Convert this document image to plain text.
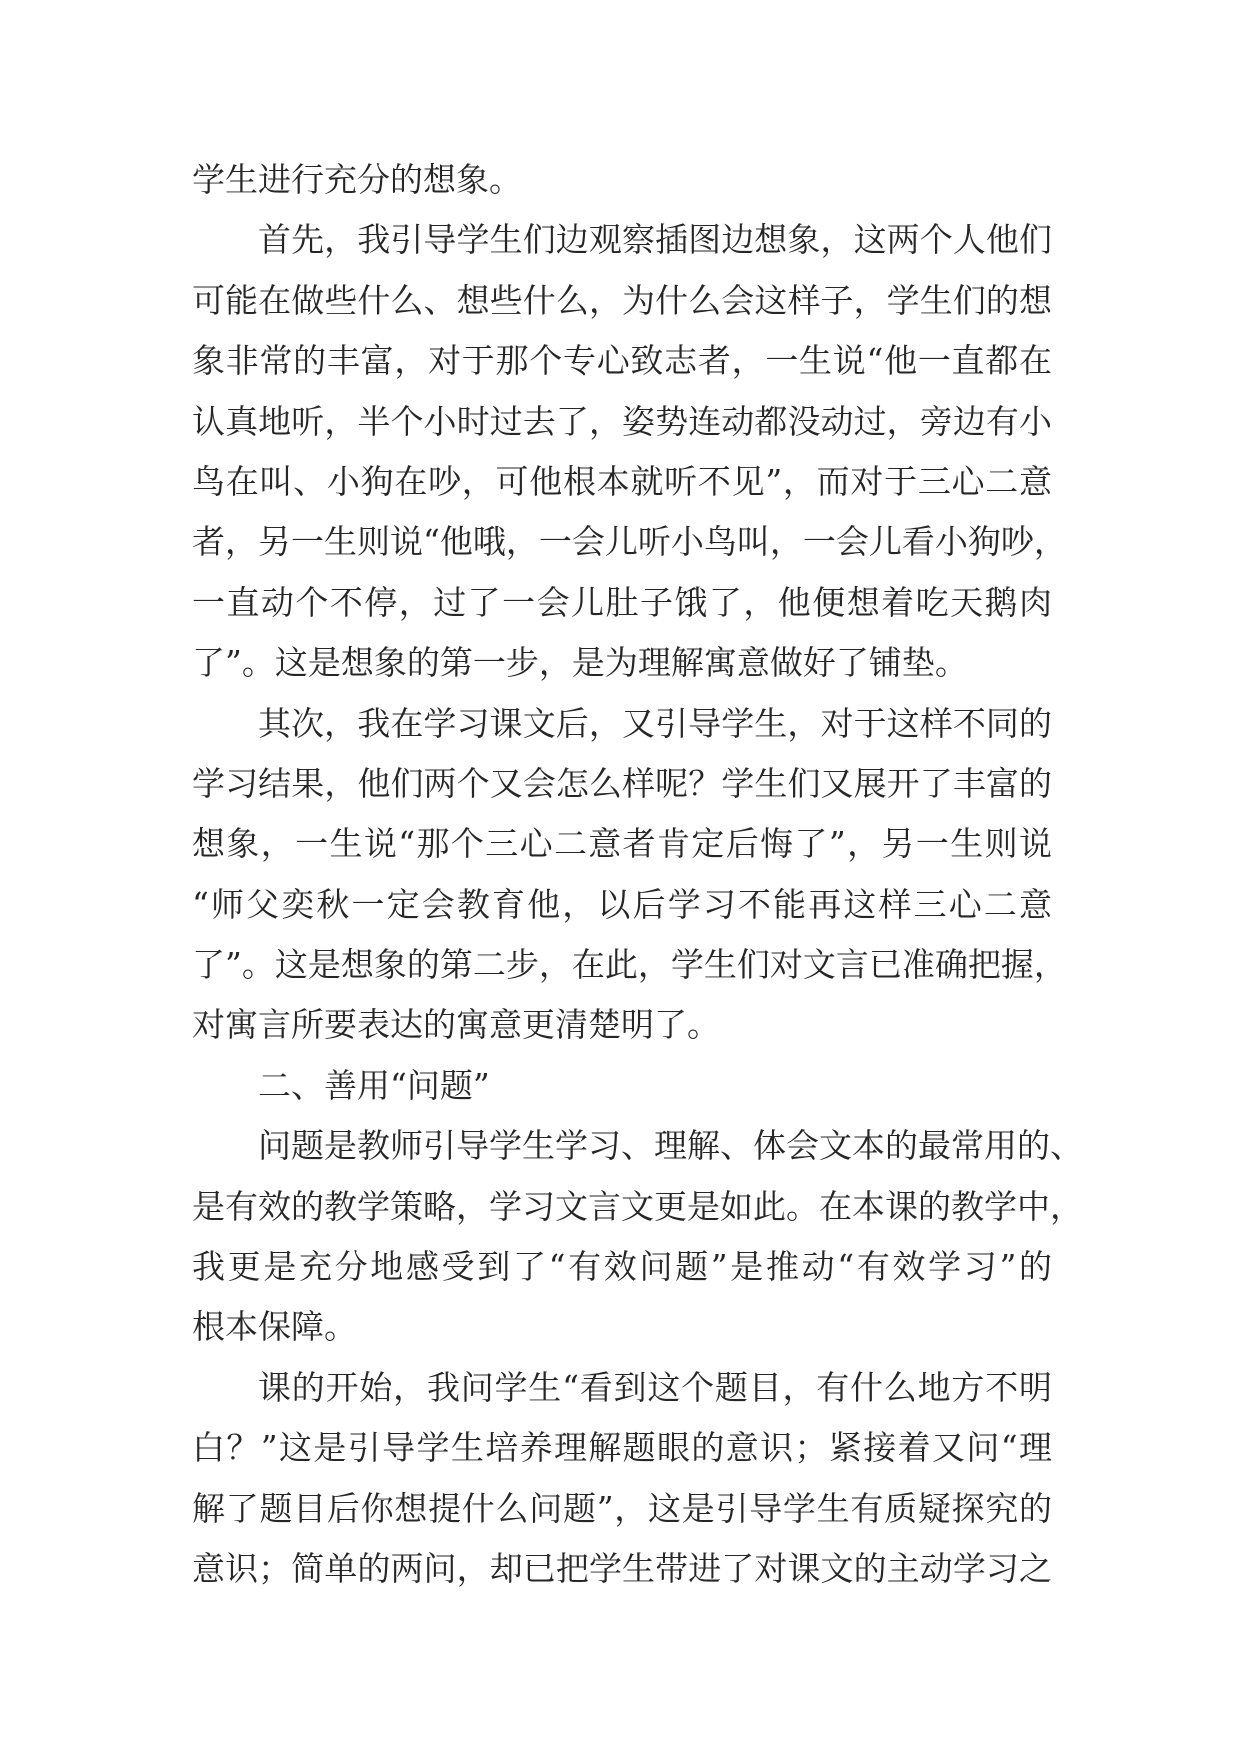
学生进行充分的想象。
首先，我引导学生们边观察插图边想象，这两个人他们
可能在做些什么、想些什么，为什么会这样子，学生们的想
象非常的丰富，对于那个专心致志者，一生说“他一直都在
认真地听，半个小时过去了，姿势连动都没动过，旁边有小
鸟在叫、小狗在吵，可他根本就听不见”，而对于三心二意
者，另一生则说“他哦，一会儿听小鸟叫，一会儿看小狗吵，
一直动个不停，过了一会儿肚子饿了，他便想着吃天鹅肉
了”。这是想象的第一步，是为理解寓意做好了铺垫。
其次，我在学习课文后，又引导学生，对于这样不同的
学习结果，他们两个又会怎么样呢？学生们又展开了丰富的
想象，一生说“那个三心二意者肯定后悔了”，另一生则说
“师父奕秋一定会教育他，以后学习不能再这样三心二意
了”。这是想象的第二步，在此，学生们对文言已准确把握，
对寓言所要表达的寓意更清楚明了。
二、善用“问题”
问题是教师引导学生学习、理解、体会文本的最常用的、
是有效的教学策略，学习文言文更是如此。在本课的教学中，
我更是充分地感受到了“有效问题”是推动“有效学习”的
根本保障。
课的开始，我问学生“看到这个题目，有什么地方不明
白？”这是引导学生培养理解题眼的意识；紧接着又问“理
解了题目后你想提什么问题”，这是引导学生有质疑探究的
意识；简单的两问，却已把学生带进了对课文的主动学习之
